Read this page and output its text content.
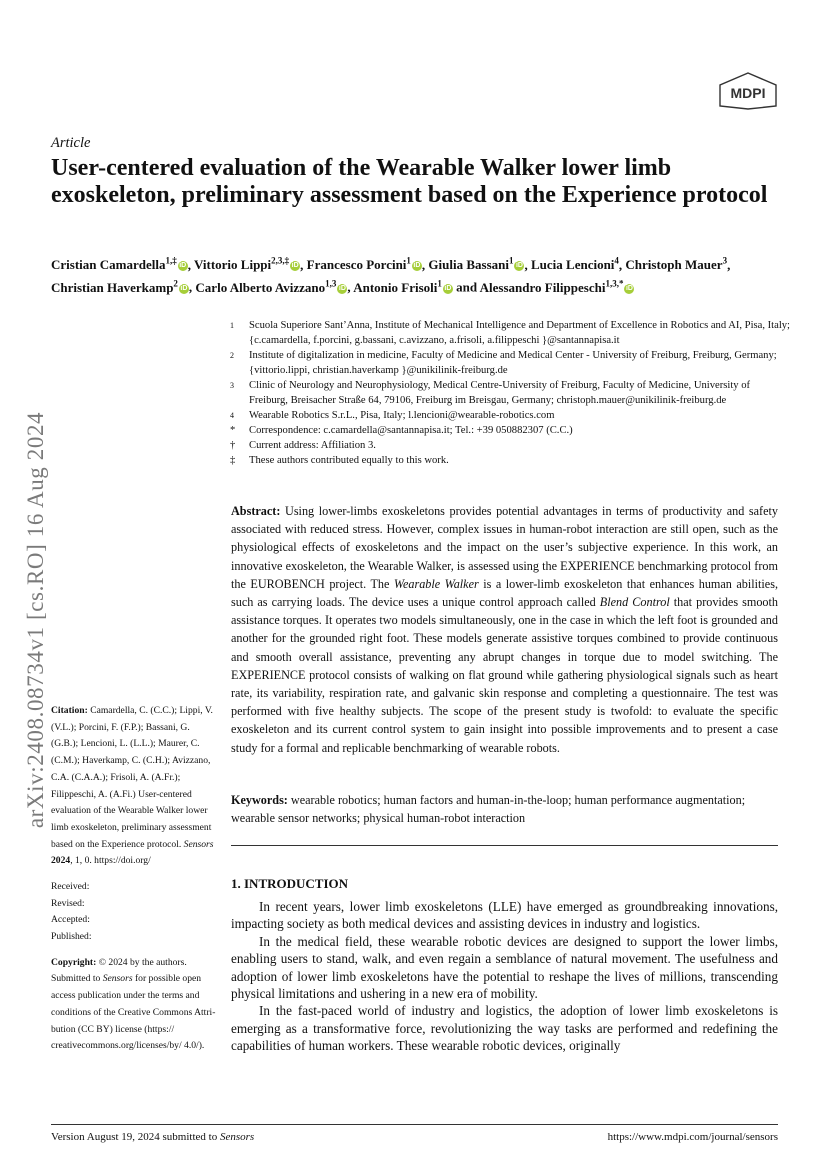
MDPI
arXiv:2408.08734v1 [cs.RO] 16 Aug 2024
Article
User-centered evaluation of the Wearable Walker lower limb exoskeleton, preliminary assessment based on the Experience protocol
Cristian Camardella$^{1,\ddagger}$ iD , Vittorio Lippi$^{2,3,\ddagger}$ iD , Francesco Porcini$^1$ iD , Giulia Bassani$^1$ iD , Lucia Lencioni$^4$, Christoph Mauer$^3$, Christian Haverkamp$^2$ iD , Carlo Alberto Avizzano$^{1,3}$ iD , Antonio Frisoli$^1$ iD and Alessandro Filippeschi$^{1,3,*}$ iD
1 Scuola Superiore Sant’Anna, Institute of Mechanical Intelligence and Department of Excellence in Robotics and AI, Pisa, Italy; {c.camardella, f.porcini, g.bassani, c.avizzano, a.frisoli, a.filippeschi }@santannapisa.it
2 Institute of digitalization in medicine, Faculty of Medicine and Medical Center - University of Freiburg, Freiburg, Germany; {vittorio.lippi, christian.haverkamp }@unikilinik-freiburg.de
3 Clinic of Neurology and Neurophysiology, Medical Centre-University of Freiburg, Faculty of Medicine, University of Freiburg, Breisacher Straße 64, 79106, Freiburg im Breisgau, Germany; christoph.mauer@unikilinik-freiburg.de
4 Wearable Robotics S.r.L., Pisa, Italy; l.lencioni@wearable-robotics.com
* Correspondence: c.camardella@santannapisa.it; Tel.: +39 050882307 (C.C.)
† Current address: Affiliation 3.
‡ These authors contributed equally to this work.
Abstract: Using lower-limbs exoskeletons provides potential advantages in terms of productivity and safety associated with reduced stress. However, complex issues in human-robot interaction are still open, such as the physiological effects of exoskeletons and the impact on the user’s subjective experience. In this work, an innovative exoskeleton, the Wearable Walker, is assessed using the EXPERIENCE benchmarking protocol from the EUROBENCH project. The Wearable Walker is a lower-limb exoskeleton that enhances human abilities, such as carrying loads. The device uses a unique control approach called Blend Control that provides smooth assistance torques. It operates two models simultaneously, one in the case in which the left foot is grounded and another for the grounded right foot. These models generate assistive torques combined to provide continuous and smooth overall assistance, preventing any abrupt changes in torque due to model switching. The EXPERIENCE protocol consists of walking on flat ground while gathering physiological signals such as heart rate, its variability, respiration rate, and galvanic skin response and completing a questionnaire. The test was performed with five healthy subjects. The scope of the present study is twofold: to evaluate the specific exoskeleton and its current control system to gain insight into possible improvements and to present a case study for a formal and replicable benchmarking of wearable robots.
Keywords: wearable robotics; human factors and human-in-the-loop; human performance augmentation; wearable sensor networks; physical human-robot interaction
1. INTRODUCTION

In recent years, lower limb exoskeletons (LLE) have emerged as groundbreaking innovations, impacting society as both medical devices and assisting devices in industry and logistics.

In the medical field, these wearable robotic devices are designed to support the lower limbs, enabling users to stand, walk, and even regain a semblance of natural movement. The usefulness and adoption of lower limb exoskeletons have the potential to reshape the lives of millions, transcending physical limitations and ushering in a new era of mobility.

In the fast-paced world of industry and logistics, the adoption of lower limb exoskeletons is emerging as a transformative force, revolutionizing the way tasks are performed and redefining the capabilities of human workers. These wearable robotic devices, originally

Citation: Camardella, C. (C.C.); Lippi, V. (V.L.); Porcini, F. (F.P.); Bassani, G. (G.B.); Lencioni, L. (L.L.); Maurer, C. (C.M.); Haverkamp, C. (C.H.); Avizzano, C.A. (C.A.A.); Frisoli, A. (A.Fr.); Filippeschi, A. (A.Fi.) User-centered evaluation of the Wearable Walker lower limb exoskeleton, preliminary assessment based on the Experience protocol. Sensors 2024, 1, 0. https://doi.org/
Received:
Revised:
Accepted:
Published:
Copyright: © 2024 by the authors. Submitted to Sensors for possible open access publication under the terms and conditions of the Creative Commons Attri- bution (CC BY) license (https:// creativecommons.org/licenses/by/ 4.0/).
Version August 19, 2024 submitted to Sensors	https://www.mdpi.com/journal/sensors
